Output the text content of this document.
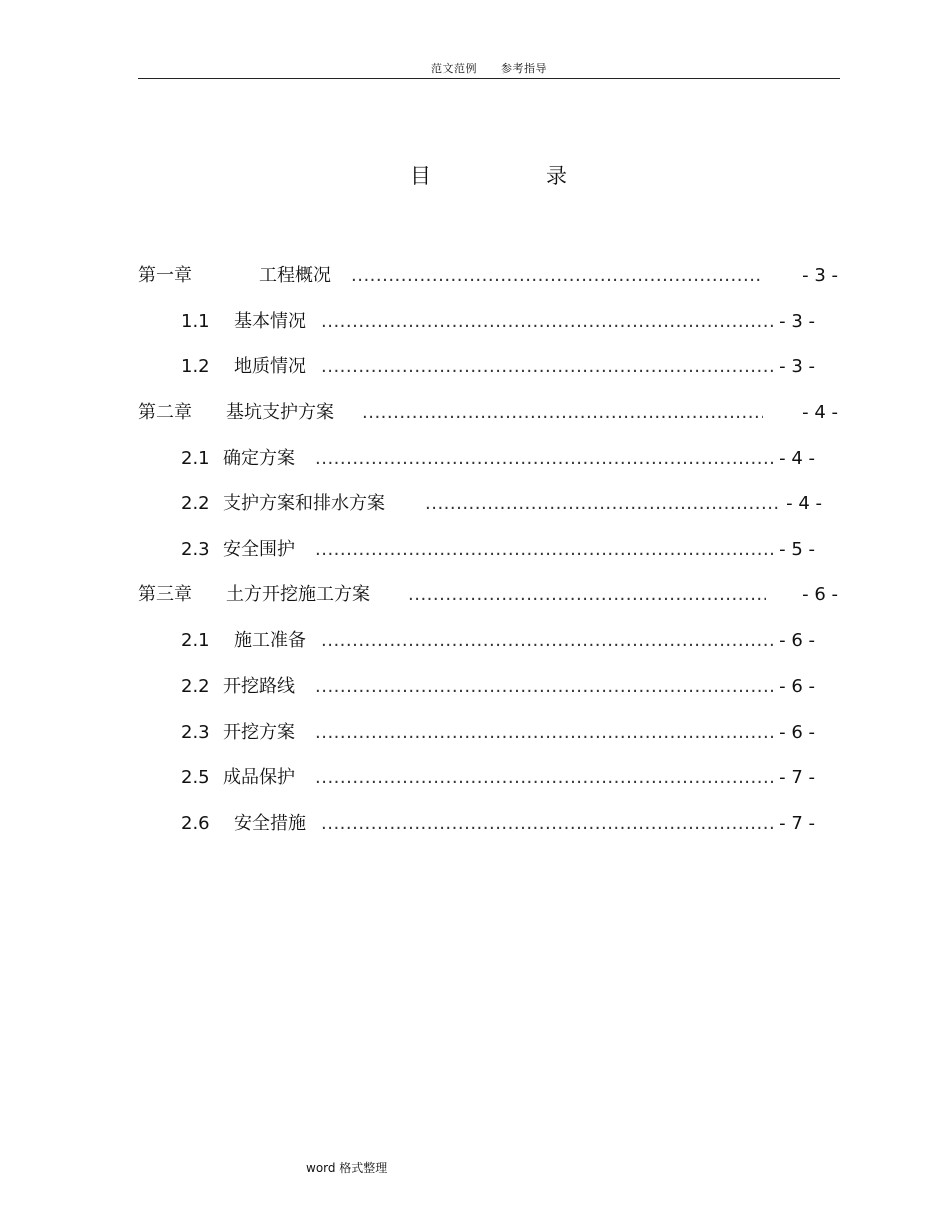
范文范例 参考指导
目	录
第一章	工程概况 .....	- 3 -
1.1 基本情况 .....	- 3 -
1.2 地质情况 .....	- 3 -
第二章 基坑支护方案 .....	- 4 -
2.1 确定方案 .....	- 4 -
2.2 支护方案和排水方案 .....	- 4 -
2.3 安全围护 .....	- 5 -
第三章 土方开挖施工方案 .....	- 6 -
2.1 施工准备 .....	- 6 -
2.2 开挖路线 .....	- 6 -
2.3 开挖方案 .....	- 6 -
2.5 成品保护 .....	- 7 -
2.6 安全措施 .....	- 7 -
word 格式整理
